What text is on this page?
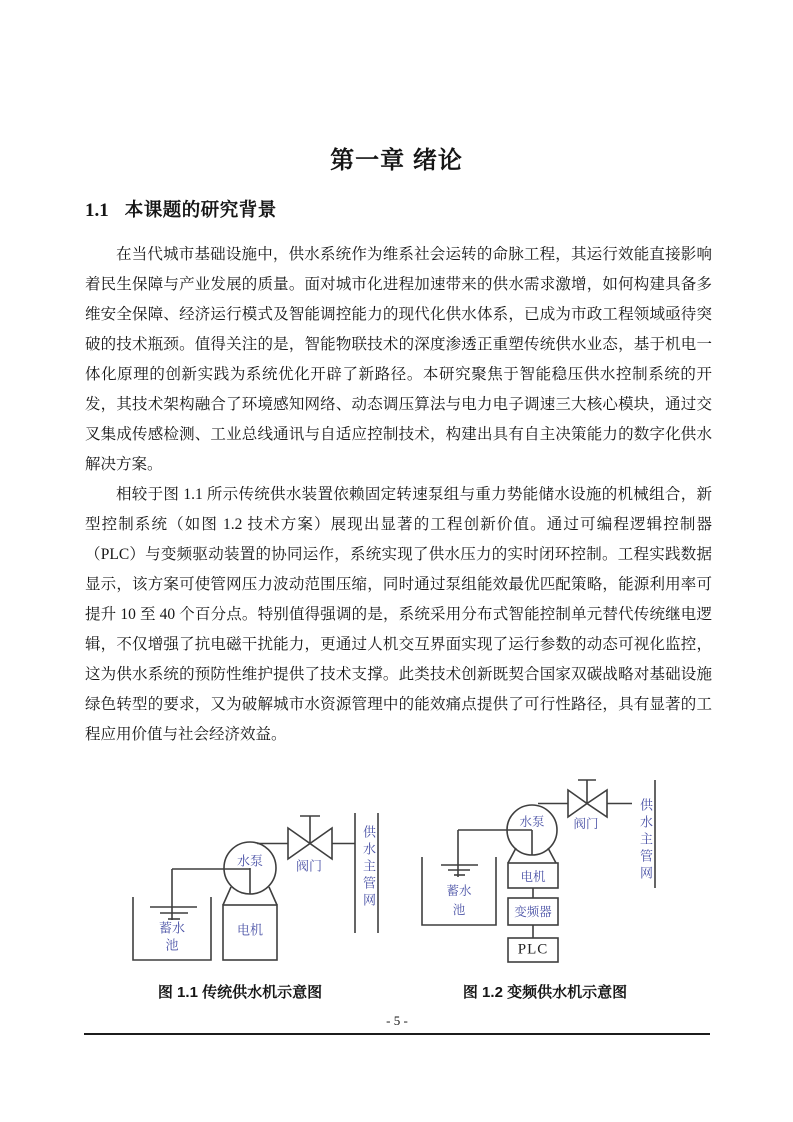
第一章 绪论
1.1 本课题的研究背景

在当代城市基础设施中，供水系统作为维系社会运转的命脉工程，其运行效能直接影响着民生保障与产业发展的质量。面对城市化进程加速带来的供水需求激增，如何构建具备多维安全保障、经济运行模式及智能调控能力的现代化供水体系，已成为市政工程领域亟待突破的技术瓶颈。值得关注的是，智能物联技术的深度渗透正重塑传统供水业态，基于机电一体化原理的创新实践为系统优化开辟了新路径。本研究聚焦于智能稳压供水控制系统的开发，其技术架构融合了环境感知网络、动态调压算法与电力电子调速三大核心模块，通过交叉集成传感检测、工业总线通讯与自适应控制技术，构建出具有自主决策能力的数字化供水解决方案。

相较于图 1.1 所示传统供水装置依赖固定转速泵组与重力势能储水设施的机械组合，新型控制系统（如图 1.2 技术方案）展现出显著的工程创新价值。通过可编程逻辑控制器（PLC）与变频驱动装置的协同运作，系统实现了供水压力的实时闭环控制。工程实践数据显示，该方案可使管网压力波动范围压缩，同时通过泵组能效最优匹配策略，能源利用率可提升 10 至 40 个百分点。特别值得强调的是，系统采用分布式智能控制单元替代传统继电逻辑，不仅增强了抗电磁干扰能力，更通过人机交互界面实现了运行参数的动态可视化监控，这为供水系统的预防性维护提供了技术支撑。此类技术创新既契合国家双碳战略对基础设施绿色转型的要求，又为破解城市水资源管理中的能效痛点提供了可行性路径，具有显著的工程应用价值与社会经济效益。

水泵
电机
阀门
蓄水
池
供水主管网
水泵
电机
变频器
PLC
阀门
蓄水
池
供水主管网
图 1.1 传统供水机示意图	图 1.2 变频供水机示意图
- 5 -
